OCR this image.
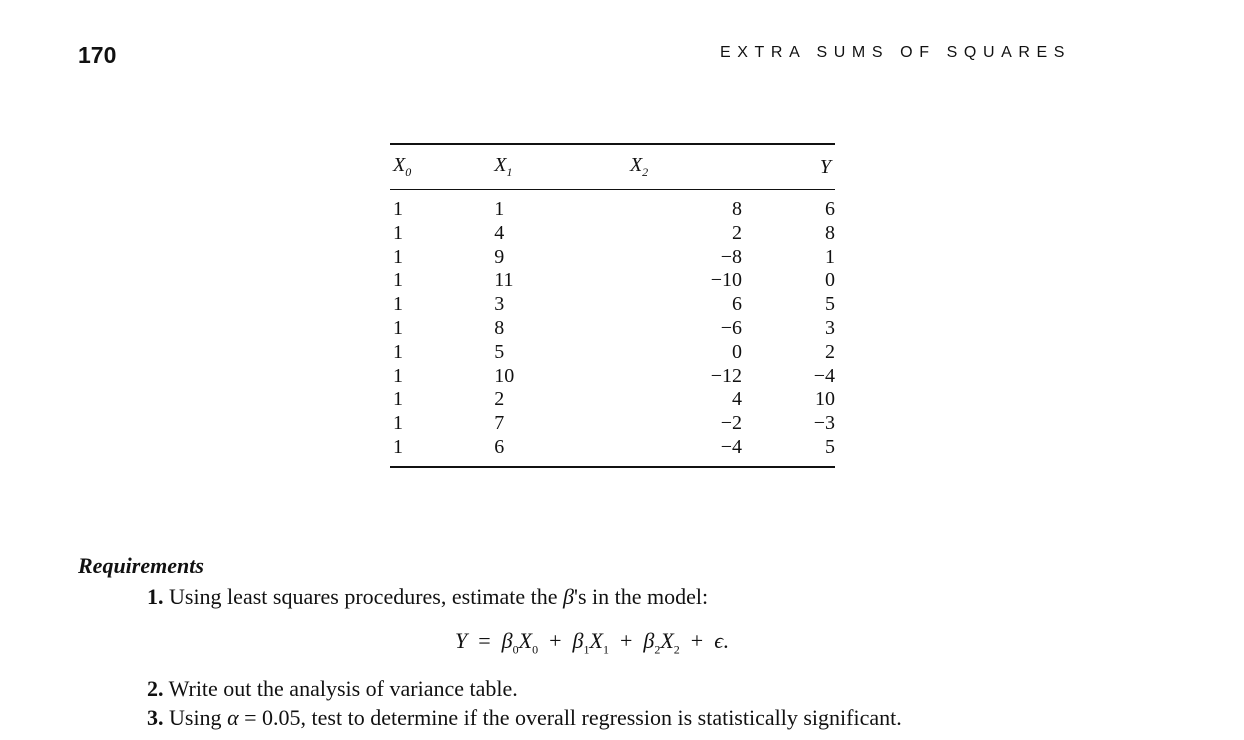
170	EXTRA SUMS OF SQUARES
$X_0$	$X_1$	$X_2$	Y
1	1	8	6
1	4	2	8
1	9	−8	1
1	11	−10	0
1	3	6	5
1	8	−6	3
1	5	0	2
1	10	−12	−4
1	2	4	10
1	7	−2	−3
1	6	−4	5
Requirements
1. Using least squares procedures, estimate the β's in the model:
Y = $\beta_0X_0$ + $\beta_1X_1$ + $\beta_2X_2$ + ϵ.
2. Write out the analysis of variance table.
3. Using α = 0.05, test to determine if the overall regression is statistically significant.
